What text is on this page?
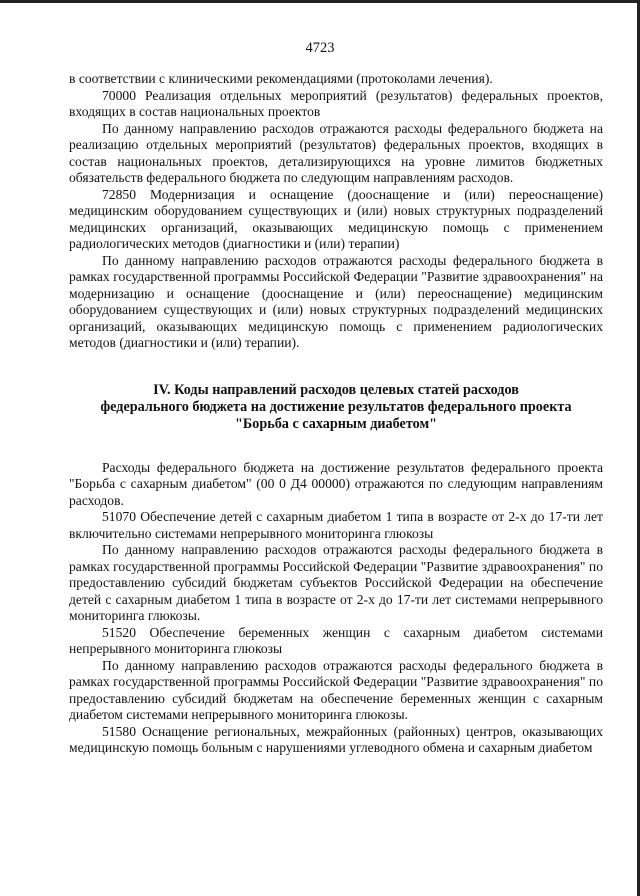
4723

в соответствии с клиническими рекомендациями (протоколами лечения).

70000 Реализация отдельных мероприятий (результатов) федеральных проектов, входящих в состав национальных проектов

По данному направлению расходов отражаются расходы федерального бюджета на реализацию отдельных мероприятий (результатов) федеральных проектов, входящих в состав национальных проектов, детализирующихся на уровне лимитов бюджетных обязательств федерального бюджета по следующим направлениям расходов.

72850 Модернизация и оснащение (дооснащение и (или) переоснащение) медицинским оборудованием существующих и (или) новых структурных подразделений медицинских организаций, оказывающих медицинскую помощь с применением радиологических методов (диагностики и (или) терапии)

По данному направлению расходов отражаются расходы федерального бюджета в рамках государственной программы Российской Федерации "Развитие здравоохранения" на модернизацию и оснащение (дооснащение и (или) переоснащение) медицинским оборудованием существующих и (или) новых структурных подразделений медицинских организаций, оказывающих медицинскую помощь с применением радиологических методов (диагностики и (или) терапии).

IV. Коды направлений расходов целевых статей расходов
федерального бюджета на достижение результатов федерального проекта
"Борьба с сахарным диабетом"

Расходы федерального бюджета на достижение результатов федерального проекта "Борьба с сахарным диабетом" (00 0 Д4 00000) отражаются по следующим направлениям расходов.

51070 Обеспечение детей с сахарным диабетом 1 типа в возрасте от 2-х до 17-ти лет включительно системами непрерывного мониторинга глюкозы

По данному направлению расходов отражаются расходы федерального бюджета в рамках государственной программы Российской Федерации "Развитие здравоохранения" по предоставлению субсидий бюджетам субъектов Российской Федерации на обеспечение детей с сахарным диабетом 1 типа в возрасте от 2-х до 17-ти лет системами непрерывного мониторинга глюкозы.

51520 Обеспечение беременных женщин с сахарным диабетом системами непрерывного мониторинга глюкозы

По данному направлению расходов отражаются расходы федерального бюджета в рамках государственной программы Российской Федерации "Развитие здравоохранения" по предоставлению субсидий бюджетам на обеспечение беременных женщин с сахарным диабетом системами непрерывного мониторинга глюкозы.

51580 Оснащение региональных, межрайонных (районных) центров, оказывающих медицинскую помощь больным с нарушениями углеводного обмена и сахарным диабетом
